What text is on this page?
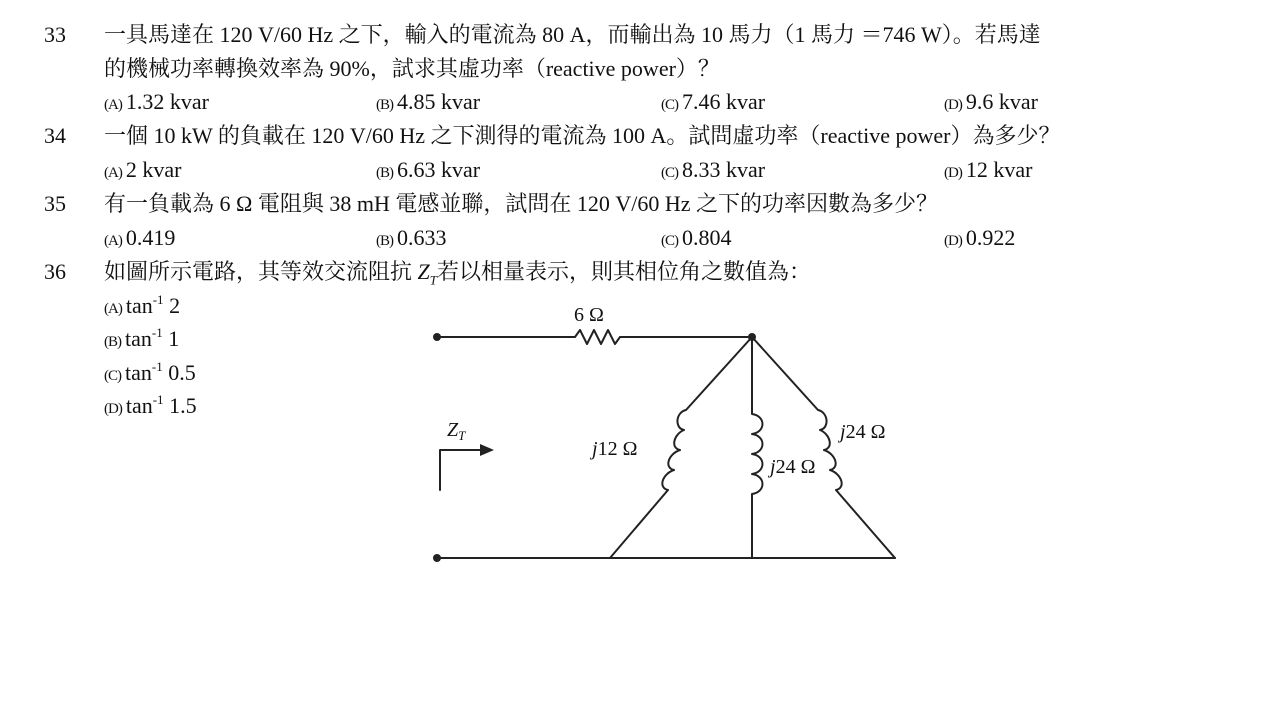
33 一具馬達在 120 V/60 Hz 之下，輸入的電流為 80 A，而輸出為 10 馬力（1 馬力 ＝746 W）。若馬達
的機械功率轉換效率為 90%，試求其虛功率（reactive power）？
(A) 1.32 kvar	(B) 4.85 kvar	(C) 7.46 kvar	(D) 9.6 kvar
34 一個 10 kW 的負載在 120 V/60 Hz 之下測得的電流為 100 A。試問虛功率（reactive power）為多少？
(A) 2 kvar	(B) 6.63 kvar	(C) 8.33 kvar	(D) 12 kvar
35 有一負載為 6 Ω 電阻與 38 mH 電感並聯，試問在 120 V/60 Hz 之下的功率因數為多少？
(A) 0.419	(B) 0.633	(C) 0.804	(D) 0.922
36 如圖所示電路，其等效交流阻抗 $Z_T$若以相量表示，則其相位角之數值為：
(A) $\tan^{-1} 2$
(B) $\tan^{-1} 1$
(C) $\tan^{-1} 0.5$
(D) $\tan^{-1} 1.5$
6 Ω
$Z_T$
j12 Ω
j24 Ω
j24 Ω
